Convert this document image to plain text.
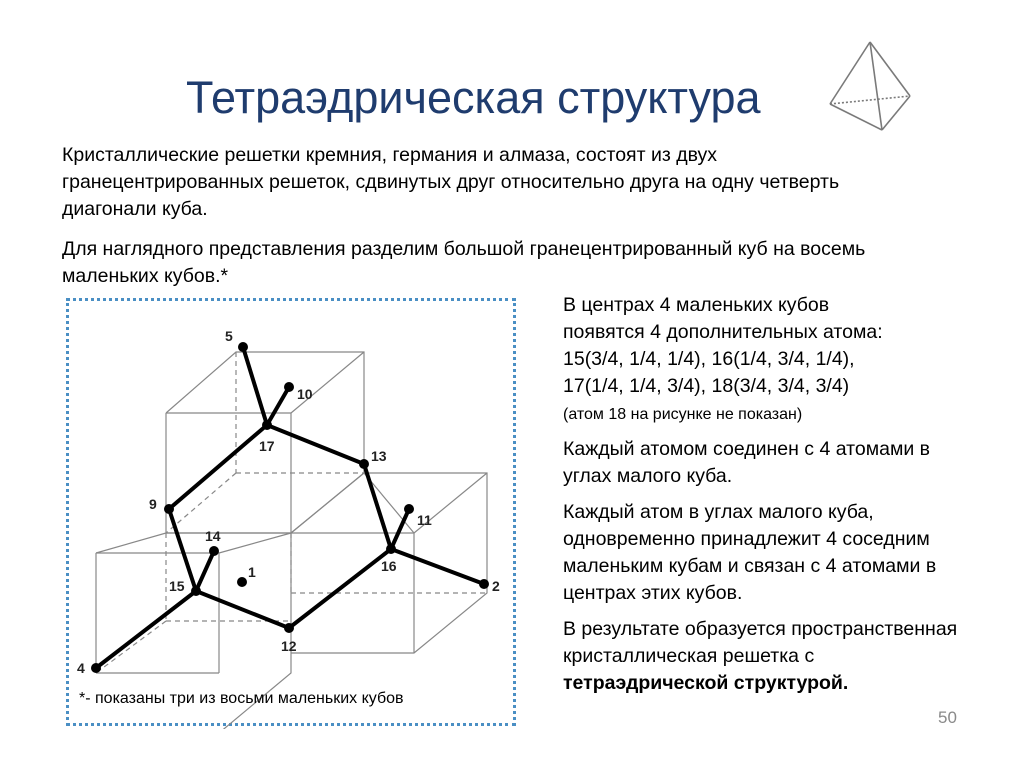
Тетраэдрическая структура
Кристаллические решетки кремния, германия и алмаза, состоят из двух гранецентрированных решеток, сдвинутых друг относительно друга на одну четверть диагонали куба.
Для наглядного представления разделим большой гранецентрированный куб на восемь маленьких кубов.*
5
10
17
13
9
11
14
1
15
16
2
12
4
*- показаны три из восьми маленьких кубов

В центрах 4 маленьких кубов
появятся 4 дополнительных атома:
15(3/4, 1/4, 1/4), 16(1/4, 3/4, 1/4),
17(1/4, 1/4, 3/4), 18(3/4, 3/4, 3/4)
(атом 18 на рисунке не показан)

Каждый атомом соединен с 4 атомами в углах малого куба.

Каждый атом в углах малого куба, одновременно принадлежит 4 соседним маленьким кубам и связан с 4 атомами в центрах этих кубов.

В результате образуется пространственная кристаллическая решетка с тетраэдрической структурой.

50
